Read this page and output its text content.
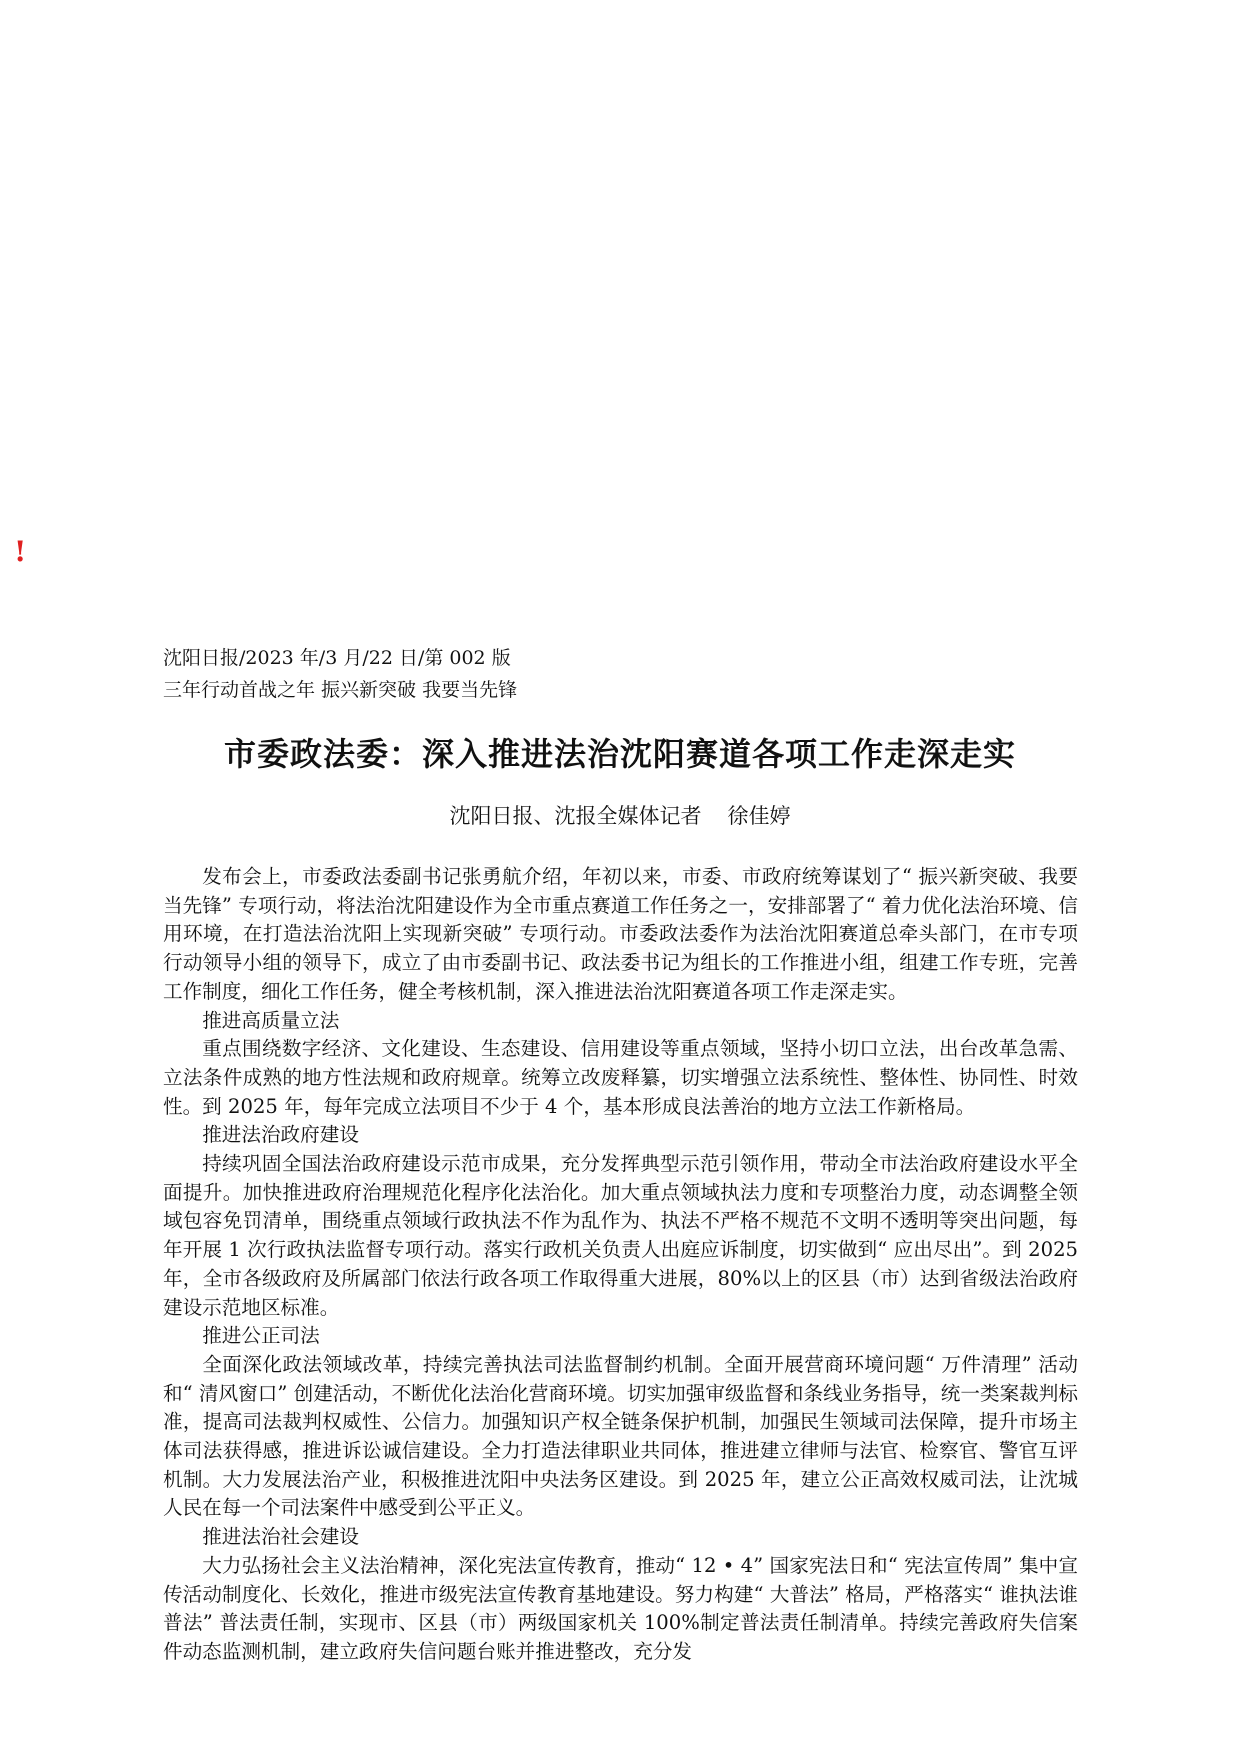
!
沈阳日报/2023 年/3 月/22 日/第 002 版
三年行动首战之年 振兴新突破 我要当先锋
市委政法委：深入推进法治沈阳赛道各项工作走深走实
沈阳日报、沈报全媒体记者 徐佳婷

发布会上，市委政法委副书记张勇航介绍，年初以来，市委、市政府统筹谋划了“ 振兴新突破、我要当先锋” 专项行动，将法治沈阳建设作为全市重点赛道工作任务之一，安排部署了“ 着力优化法治环境、信用环境，在打造法治沈阳上实现新突破” 专项行动。市委政法委作为法治沈阳赛道总牵头部门，在市专项行动领导小组的领导下，成立了由市委副书记、政法委书记为组长的工作推进小组，组建工作专班，完善工作制度，细化工作任务，健全考核机制，深入推进法治沈阳赛道各项工作走深走实。

推进高质量立法

重点围绕数字经济、文化建设、生态建设、信用建设等重点领域，坚持小切口立法，出台改革急需、立法条件成熟的地方性法规和政府规章。统筹立改废释纂，切实增强立法系统性、整体性、协同性、时效性。到 2025 年，每年完成立法项目不少于 4 个，基本形成良法善治的地方立法工作新格局。

推进法治政府建设

持续巩固全国法治政府建设示范市成果，充分发挥典型示范引领作用，带动全市法治政府建设水平全面提升。加快推进政府治理规范化程序化法治化。加大重点领域执法力度和专项整治力度，动态调整全领域包容免罚清单，围绕重点领域行政执法不作为乱作为、执法不严格不规范不文明不透明等突出问题，每年开展 1 次行政执法监督专项行动。落实行政机关负责人出庭应诉制度，切实做到“ 应出尽出”。到 2025 年，全市各级政府及所属部门依法行政各项工作取得重大进展，80%以上的区县（市）达到省级法治政府建设示范地区标准。

推进公正司法

全面深化政法领域改革，持续完善执法司法监督制约机制。全面开展营商环境问题“ 万件清理” 活动和“ 清风窗口” 创建活动，不断优化法治化营商环境。切实加强审级监督和条线业务指导，统一类案裁判标准，提高司法裁判权威性、公信力。加强知识产权全链条保护机制，加强民生领域司法保障，提升市场主体司法获得感，推进诉讼诚信建设。全力打造法律职业共同体，推进建立律师与法官、检察官、警官互评机制。大力发展法治产业，积极推进沈阳中央法务区建设。到 2025 年，建立公正高效权威司法，让沈城人民在每一个司法案件中感受到公平正义。

推进法治社会建设

大力弘扬社会主义法治精神，深化宪法宣传教育，推动“ 12 • 4” 国家宪法日和“ 宪法宣传周” 集中宣传活动制度化、长效化，推进市级宪法宣传教育基地建设。努力构建“ 大普法” 格局，严格落实“ 谁执法谁普法” 普法责任制，实现市、区县（市）两级国家机关 100%制定普法责任制清单。持续完善政府失信案件动态监测机制，建立政府失信问题台账并推进整改，充分发
